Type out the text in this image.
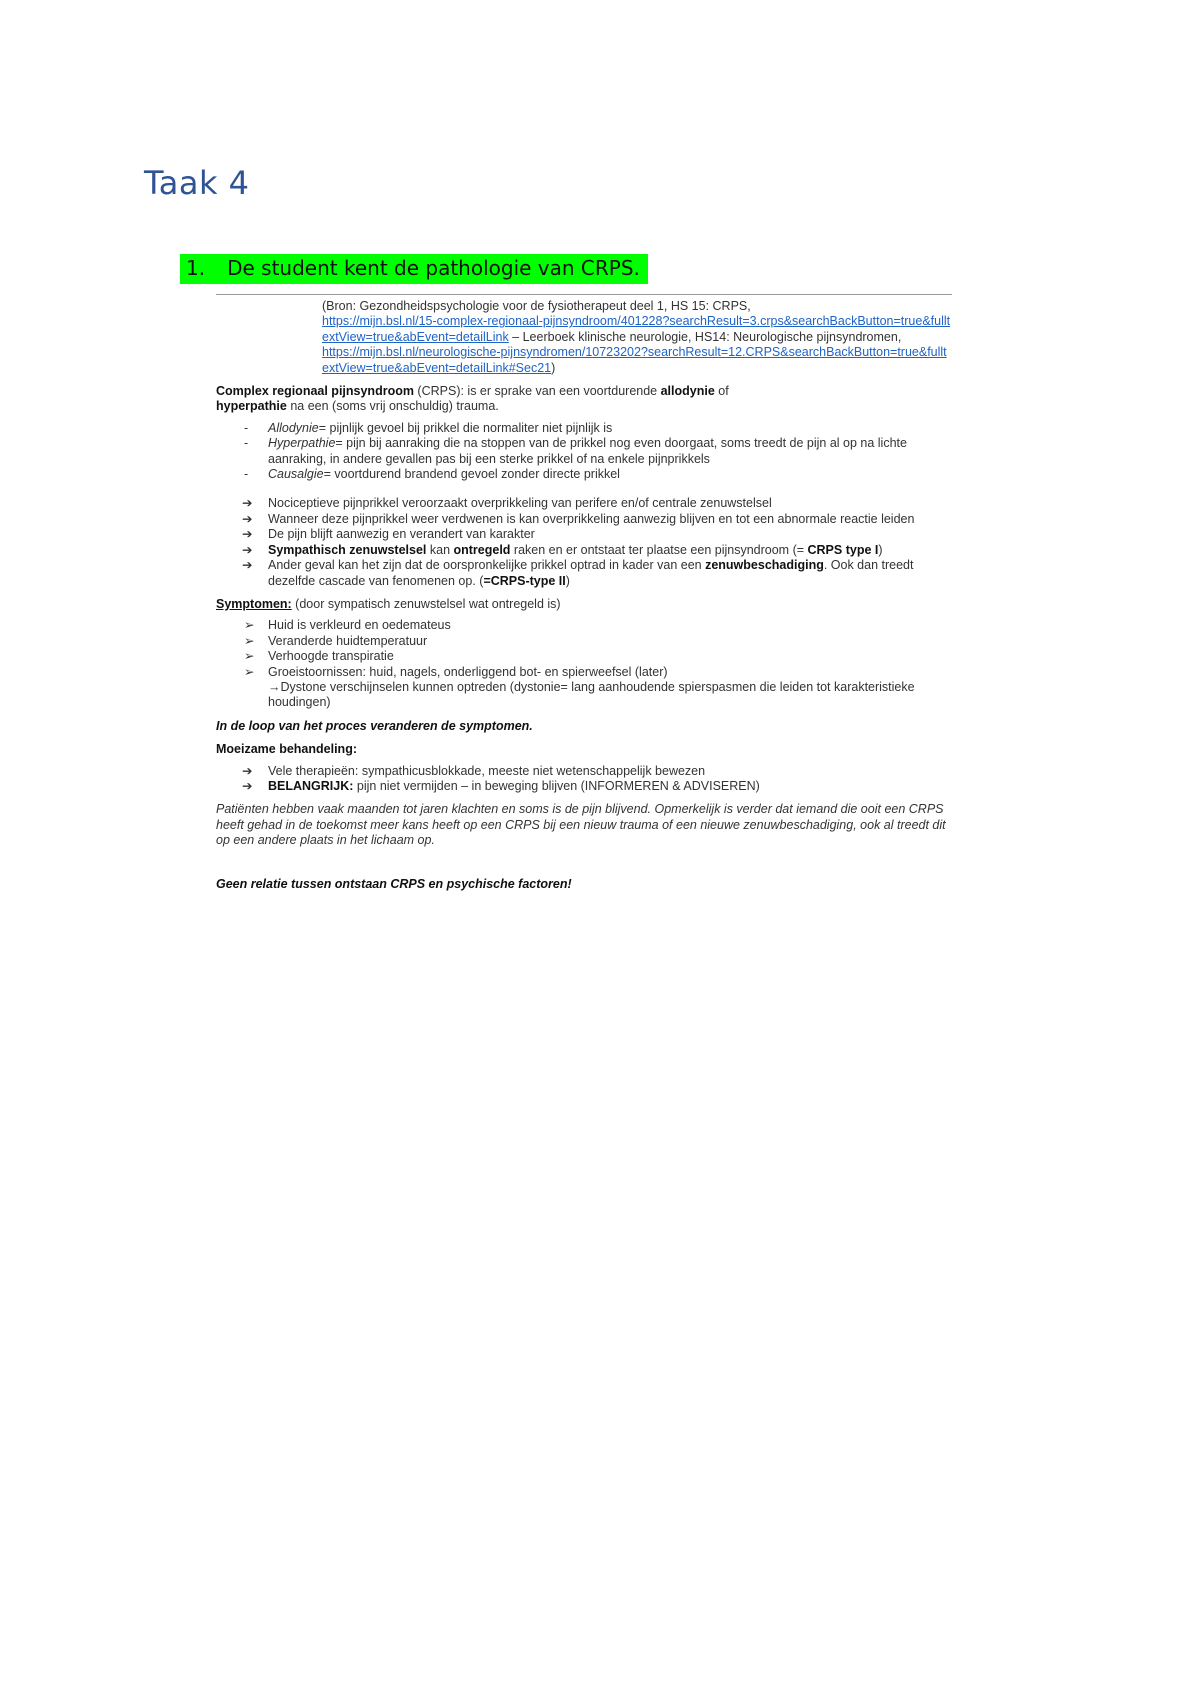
Taak 4
1. De student kent de pathologie van CRPS.
(Bron: Gezondheidspsychologie voor de fysiotherapeut deel 1, HS 15: CRPS,
https://mijn.bsl.nl/15-complex-regionaal-pijnsyndroom/401228?searchResult=3.crps&searchBackButton=true&fulltextView=true&abEvent=detailLink – Leerboek klinische neurologie, HS14: Neurologische pijnsyndromen,
https://mijn.bsl.nl/neurologische-pijnsyndromen/10723202?searchResult=12.CRPS&searchBackButton=true&fulltextView=true&abEvent=detailLink#Sec21)
Complex regionaal pijnsyndroom (CRPS): is er sprake van een voortdurende allodynie of
hyperpathie na een (soms vrij onschuldig) trauma.
- Allodynie= pijnlijk gevoel bij prikkel die normaliter niet pijnlijk is
- Hyperpathie= pijn bij aanraking die na stoppen van de prikkel nog even doorgaat, soms treedt de pijn al op na lichte aanraking, in andere gevallen pas bij een sterke prikkel of na enkele pijnprikkels
- Causalgie= voortdurend brandend gevoel zonder directe prikkel
➔ Nociceptieve pijnprikkel veroorzaakt overprikkeling van perifere en/of centrale zenuwstelsel
➔ Wanneer deze pijnprikkel weer verdwenen is kan overprikkeling aanwezig blijven en tot een abnormale reactie leiden
➔ De pijn blijft aanwezig en verandert van karakter
➔ Sympathisch zenuwstelsel kan ontregeld raken en er ontstaat ter plaatse een pijnsyndroom (= CRPS type I)
➔ Ander geval kan het zijn dat de oorspronkelijke prikkel optrad in kader van een zenuwbeschadiging. Ook dan treedt dezelfde cascade van fenomenen op. (=CRPS-type II)
Symptomen: (door sympatisch zenuwstelsel wat ontregeld is)
➢ Huid is verkleurd en oedemateus
➢ Veranderde huidtemperatuur
➢ Verhoogde transpiratie
➢ Groeistoornissen: huid, nagels, onderliggend bot- en spierweefsel (later)
→Dystone verschijnselen kunnen optreden (dystonie= lang aanhoudende spierspasmen die leiden tot karakteristieke houdingen)
In de loop van het proces veranderen de symptomen.
Moeizame behandeling:
➔ Vele therapieën: sympathicusblokkade, meeste niet wetenschappelijk bewezen
➔ BELANGRIJK: pijn niet vermijden – in beweging blijven (INFORMEREN & ADVISEREN)
Patiënten hebben vaak maanden tot jaren klachten en soms is de pijn blijvend. Opmerkelijk is verder dat iemand die ooit een CRPS heeft gehad in de toekomst meer kans heeft op een CRPS bij een nieuw trauma of een nieuwe zenuwbeschadiging, ook al treedt dit op een andere plaats in het lichaam op.
Geen relatie tussen ontstaan CRPS en psychische factoren!
